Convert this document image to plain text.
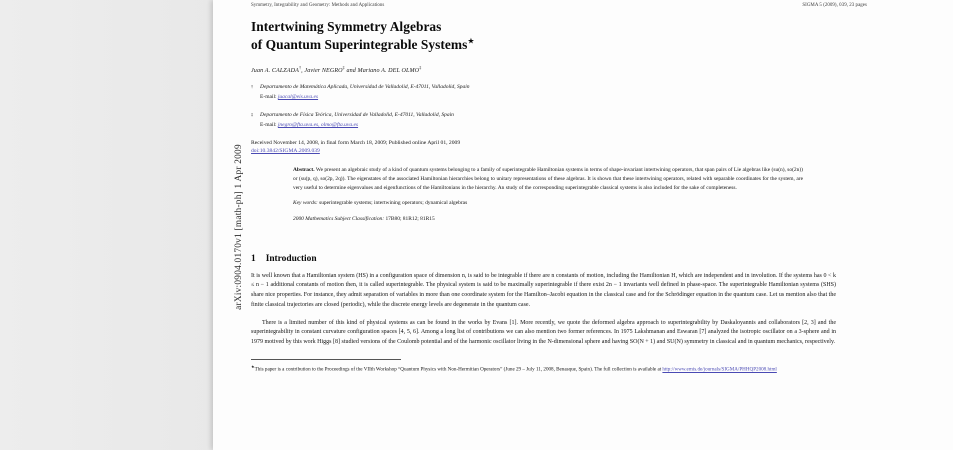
arXiv:0904.0170v1 [math-ph] 1 Apr 2009
Symmetry, Integrability and Geometry: Methods and Applications	SIGMA 5 (2009), 039, 23 pages
Intertwining Symmetry Algebras
of Quantum Superintegrable Systems★
Juan A. CALZADA†, Javier NEGRO‡ and Mariano A. DEL OLMO‡
†	Departamento de Matemática Aplicada, Universidad de Valladolid, E-47011, Valladolid, Spain
E-mail: juacal@eis.uva.es
‡	Departamento de Física Teórica, Universidad de Valladolid, E-47011, Valladolid, Spain
E-mail: jnegro@fta.uva.es, olmo@fta.uva.es
Received November 14, 2008, in final form March 18, 2009; Published online April 01, 2009
doi:10.3842/SIGMA.2009.039

Abstract. We present an algebraic study of a kind of quantum systems belonging to a family of superintegrable Hamiltonian systems in terms of shape-invariant intertwining operators, that span pairs of Lie algebras like (su(n), so(2n)) or (su(p, q), so(2p, 2q)). The eigenstates of the associated Hamiltonian hierarchies belong to unitary representations of these algebras. It is shown that these intertwining operators, related with separable coordinates for the system, are very useful to determine eigenvalues and eigenfunctions of the Hamiltonians in the hierarchy. An study of the corresponding superintegrable classical systems is also included for the sake of completeness.

Key words: superintegrable systems; intertwining operators; dynamical algebras
2000 Mathematics Subject Classification: 17B80; 81R12; 81R15
1 Introduction

It is well known that a Hamiltonian system (HS) in a configuration space of dimension n, is said to be integrable if there are n constants of motion, including the Hamiltonian H, which are independent and in involution. If the systems has 0 < k ≤ n − 1 additional constants of motion then, it is called superintegrable. The physical system is said to be maximally superintegrable if there exist 2n − 1 invariants well defined in phase-space. The superintegrable Hamiltonian systems (SHS) share nice properties. For instance, they admit separation of variables in more than one coordinate system for the Hamilton–Jacobi equation in the classical case and for the Schrödinger equation in the quantum case. Let us mention also that the finite classical trajectories are closed (periodic), while the discrete energy levels are degenerate in the quantum case.

There is a limited number of this kind of physical systems as can be found in the works by Evans [1]. More recently, we quote the deformed algebra approach to superintegrability by Daskaloyannis and collaborators [2, 3] and the superintegrability in constant curvature configuration spaces [4, 5, 6]. Among a long list of contributions we can also mention two former references. In 1975 Lakshmanan and Eswaran [7] analyzed the isotropic oscillator on a 3-sphere and in 1979 motived by this work Higgs [8] studied versions of the Coulomb potential and of the harmonic oscillator living in the N-dimensional sphere and having SO(N + 1) and SU(N) symmetry in classical and in quantum mechanics, respectively.

★This paper is a contribution to the Proceedings of the VIIth Workshop “Quantum Physics with Non-Hermitian Operators” (June 29 – July 11, 2008, Benasque, Spain). The full collection is available at http://www.emis.de/journals/SIGMA/PHHQP2008.html
